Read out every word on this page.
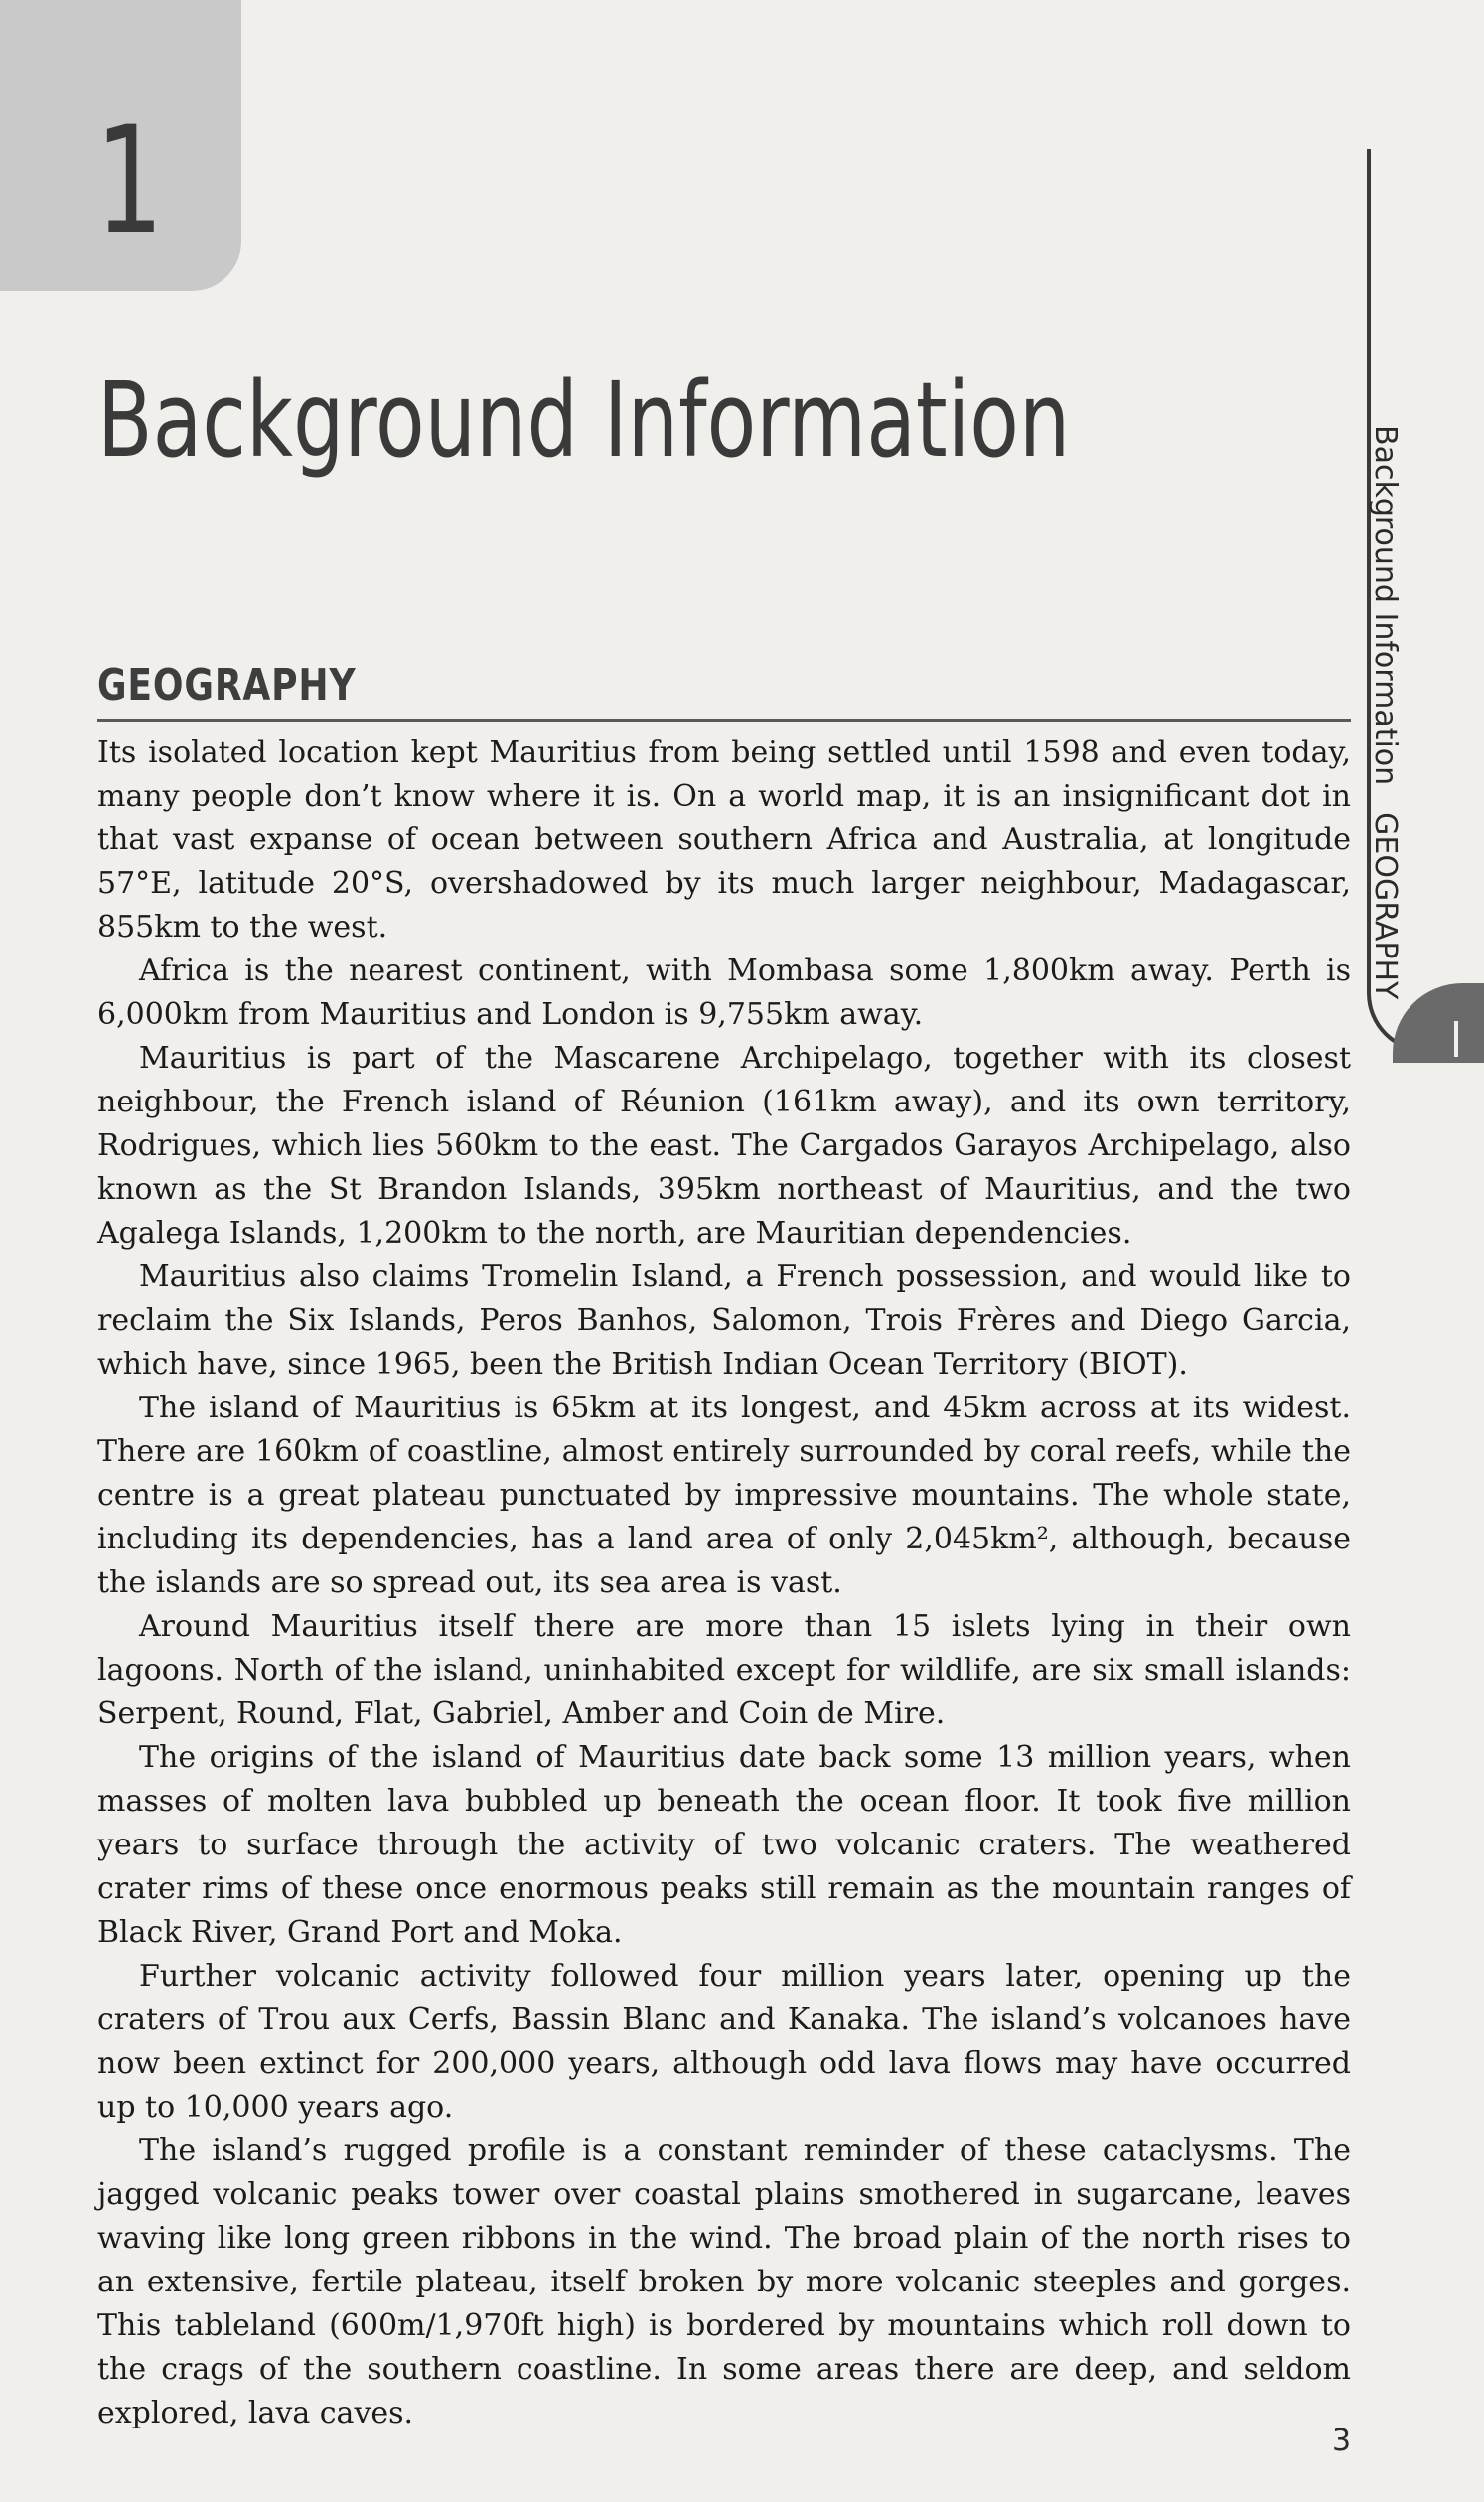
1
Background Information
GEOGRAPHY

Its isolated location kept Mauritius from being settled until 1598 and even today, many people don’t know where it is. On a world map, it is an insignificant dot in that vast expanse of ocean between southern Africa and Australia, at longitude 57°E, latitude 20°S, overshadowed by its much larger neighbour, Madagascar, 855km to the west.

Africa is the nearest continent, with Mombasa some 1,800km away. Perth is 6,000km from Mauritius and London is 9,755km away.

Mauritius is part of the Mascarene Archipelago, together with its closest neighbour, the French island of Réunion (161km away), and its own territory, Rodrigues, which lies 560km to the east. The Cargados Garayos Archipelago, also known as the St Brandon Islands, 395km northeast of Mauritius, and the two Agalega Islands, 1,200km to the north, are Mauritian dependencies.

Mauritius also claims Tromelin Island, a French possession, and would like to reclaim the Six Islands, Peros Banhos, Salomon, Trois Frères and Diego Garcia, which have, since 1965, been the British Indian Ocean Territory (BIOT).

The island of Mauritius is 65km at its longest, and 45km across at its widest. There are 160km of coastline, almost entirely surrounded by coral reefs, while the centre is a great plateau punctuated by impressive mountains. The whole state, including its dependencies, has a land area of only 2,045km², although, because the islands are so spread out, its sea area is vast.

Around Mauritius itself there are more than 15 islets lying in their own lagoons. North of the island, uninhabited except for wildlife, are six small islands: Serpent, Round, Flat, Gabriel, Amber and Coin de Mire.

The origins of the island of Mauritius date back some 13 million years, when masses of molten lava bubbled up beneath the ocean floor. It took five million years to surface through the activity of two volcanic craters. The weathered crater rims of these once enormous peaks still remain as the mountain ranges of Black River, Grand Port and Moka.

Further volcanic activity followed four million years later, opening up the craters of Trou aux Cerfs, Bassin Blanc and Kanaka. The island’s volcanoes have now been extinct for 200,000 years, although odd lava flows may have occurred up to 10,000 years ago.

The island’s rugged profile is a constant reminder of these cataclysms. The jagged volcanic peaks tower over coastal plains smothered in sugarcane, leaves waving like long green ribbons in the wind. The broad plain of the north rises to an extensive, fertile plateau, itself broken by more volcanic steeples and gorges. This tableland (600m/1,970ft high) is bordered by mountains which roll down to the crags of the southern coastline. In some areas there are deep, and seldom explored, lava caves.

Background InformationGEOGRAPHY
3
